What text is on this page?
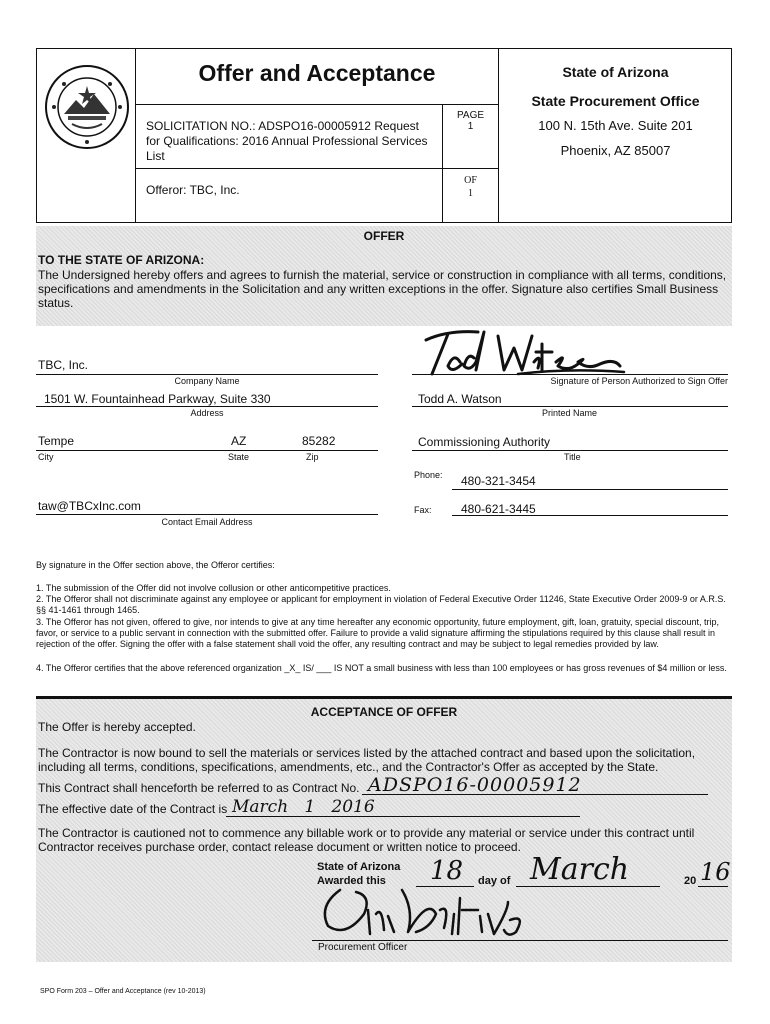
Offer and Acceptance	State of Arizona
State Procurement Office
100 N. 15th Ave. Suite 201
Phoenix, AZ 85007
SOLICITATION NO.: ADSPO16-00005912 Request for Qualifications: 2016 Annual Professional Services List
PAGE
1
Offeror: TBC, Inc.
OF
1
OFFER
TO THE STATE OF ARIZONA:
The Undersigned hereby offers and agrees to furnish the material, service or construction in compliance with all terms, conditions, specifications and amendments in the Solicitation and any written exceptions in the offer. Signature also certifies Small Business status.
TBC, Inc.
Company Name
1501 W. Fountainhead Parkway, Suite 330
Address
Tempe	AZ	85282
City	State	Zip
taw@TBCxInc.com
Contact Email Address
Signature of Person Authorized to Sign Offer
Todd A. Watson
Printed Name
Commissioning Authority
Title
Phone: 480-321-3454
Fax: 480-621-3445
By signature in the Offer section above, the Offeror certifies:
1. The submission of the Offer did not involve collusion or other anticompetitive practices.
2. The Offeror shall not discriminate against any employee or applicant for employment in violation of Federal Executive Order 11246, State Executive Order 2009-9 or A.R.S. §§ 41-1461 through 1465.
3. The Offeror has not given, offered to give, nor intends to give at any time hereafter any economic opportunity, future employment, gift, loan, gratuity, special discount, trip, favor, or service to a public servant in connection with the submitted offer. Failure to provide a valid signature affirming the stipulations required by this clause shall result in rejection of the offer. Signing the offer with a false statement shall void the offer, any resulting contract and may be subject to legal remedies provided by law.
4. The Offeror certifies that the above referenced organization _X_ IS/ ___ IS NOT a small business with less than 100 employees or has gross revenues of $4 million or less.
ACCEPTANCE OF OFFER
The Offer is hereby accepted.
The Contractor is now bound to sell the materials or services listed by the attached contract and based upon the solicitation, including all terms, conditions, specifications, amendments, etc., and the Contractor's Offer as accepted by the State.
This Contract shall henceforth be referred to as Contract No. ADSPO16-00005912
The effective date of the Contract is March   1   2016
The Contractor is cautioned not to commence any billable work or to provide any material or service under this contract until Contractor receives purchase order, contact release document or written notice to proceed.
State of Arizona
Awarded this 18 day of March	20 16
Procurement Officer
SPO Form 203 – Offer and Acceptance (rev 10-2013)
